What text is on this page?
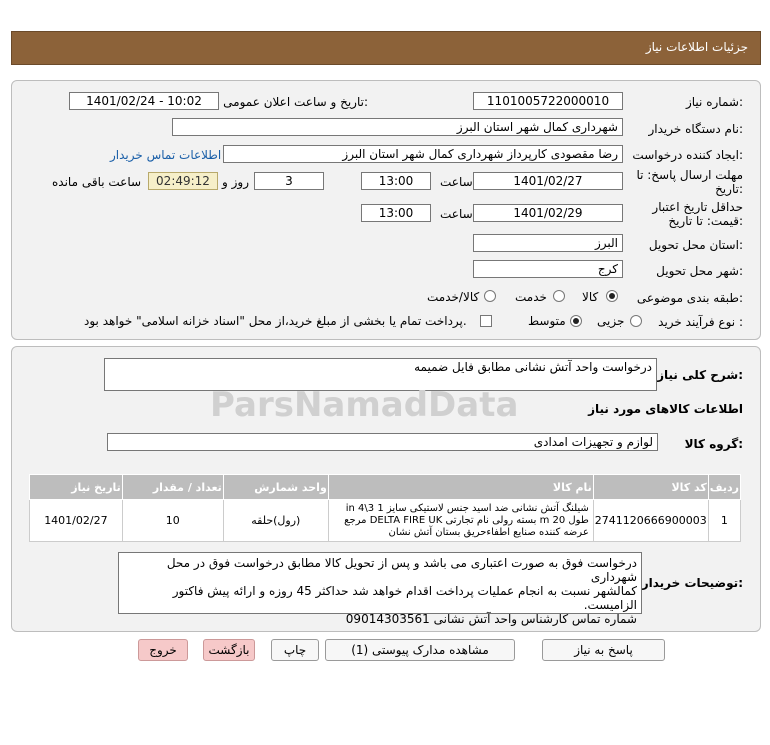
جزئیات اطلاعات نیاز
شماره نیاز:
1101005722000010
تاریخ و ساعت اعلان عمومی:
1401/02/24 - 10:02
نام دستگاه خریدار:
شهرداری کمال شهر استان البرز
ایجاد کننده درخواست:
رضا مقصودی کارپرداز شهرداری کمال شهر استان البرز
اطلاعات تماس خریدار
مهلت ارسال پاسخ: تا
تاریخ:
1401/02/27
ساعت
13:00
3
روز و
02:49:12
ساعت باقی مانده
حداقل تاریخ اعتبار
قیمت: تا تاریخ:
1401/02/29
ساعت
13:00
استان محل تحویل:
البرز
شهر محل تحویل:
کرج
طبقه بندی موضوعی:
کالا
خدمت
کالا/خدمت
نوع فرآیند خرید :
جزیی
متوسط
پرداخت تمام یا بخشی از مبلغ خرید،از محل "اسناد خزانه اسلامی" خواهد بود.
شرح کلی نیاز:
درخواست واحد آتش نشانی مطابق فایل ضمیمه
ParsNamadData	اطلاعات کالاهای مورد نیاز
گروه کالا:
لوازم و تجهیزات امدادی
ردیف	کد کالا	نام کالا	واحد شمارش	تعداد / مقدار	تاریخ نیاز
1	2741120666900003	شیلنگ آتش نشانی ضد اسید جنس لاستیکی سایز 1 3\4 in
طول m 20 بسته رولی نام تجارتی DELTA FIRE UK مرجع
عرضه کننده صنایع اطفاءحریق بستان آتش نشان	(رول)حلقه	10	1401/02/27
توضیحات خریدار:
درخواست فوق به صورت اعتباری می باشد و پس از تحویل کالا مطابق درخواست فوق در محل شهرداری
کمالشهر نسبت به انجام عملیات پرداخت اقدام خواهد شد حداکثر 45 روزه و ارائه پیش فاکتور الزامیست.
شماره تماس کارشناس واحد آتش نشانی 09014303561
پاسخ به نیاز
مشاهده مدارک پیوستی (1)
چاپ
بازگشت
خروج
